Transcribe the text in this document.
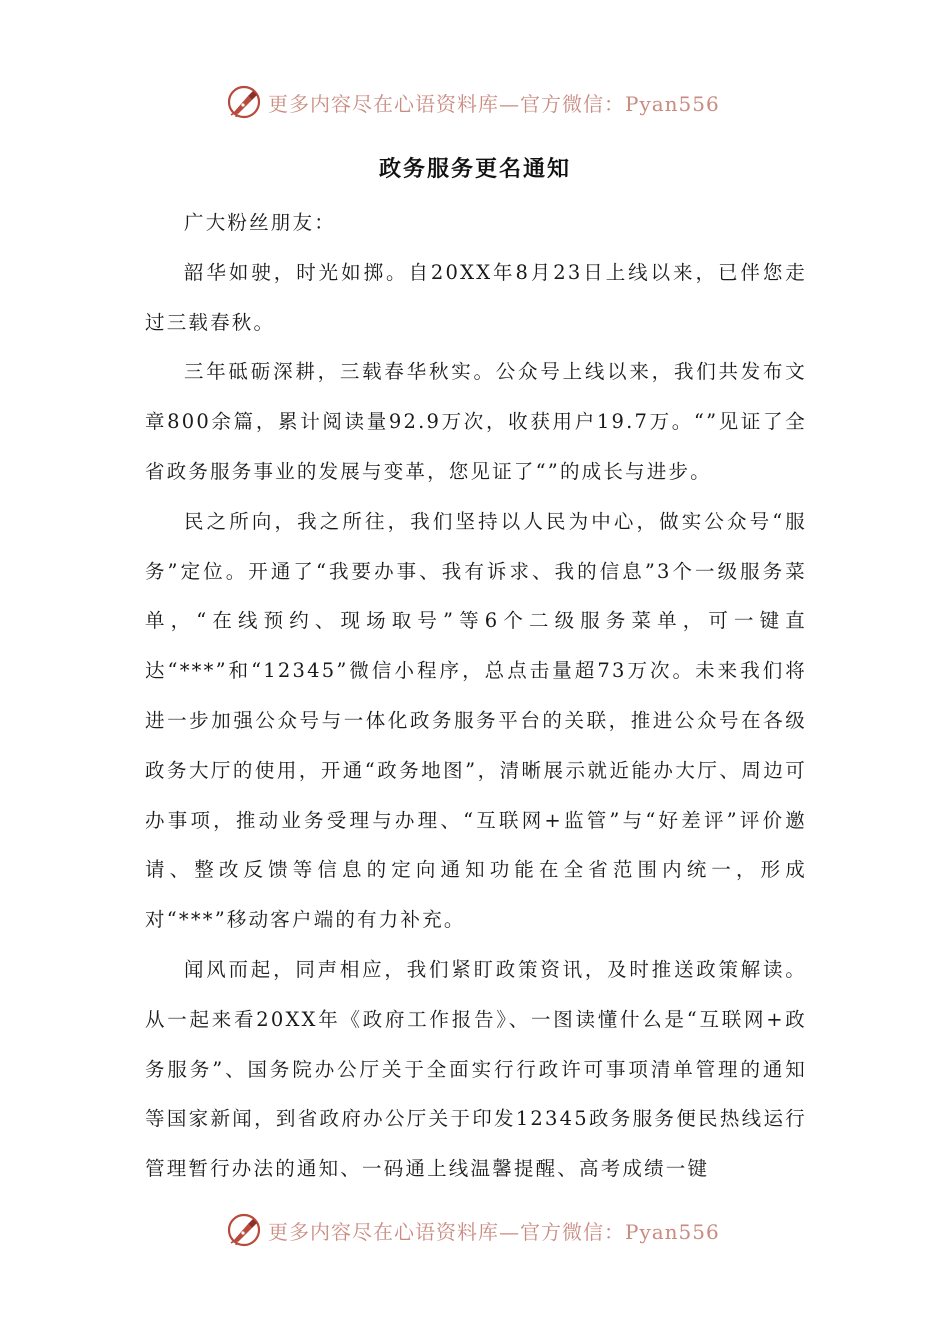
更多内容尽在心语资料库—官方微信：Pyan556
政务服务更名通知

广大粉丝朋友：

韶华如驶，时光如掷。自20XX年8月23日上线以来，已伴您走过三载春秋。

三年砥砺深耕，三载春华秋实。公众号上线以来，我们共发布文章800余篇，累计阅读量92.9万次，收获用户19.7万。“”见证了全省政务服务事业的发展与变革，您见证了“”的成长与进步。

民之所向，我之所往，我们坚持以人民为中心，做实公众号“服务”定位。开通了“我要办事、我有诉求、我的信息”3个一级服务菜单，“在线预约、现场取号”等6个二级服务菜单，可一键直达“***”和“12345”微信小程序，总点击量超73万次。未来我们将进一步加强公众号与一体化政务服务平台的关联，推进公众号在各级政务大厅的使用，开通“政务地图”，清晰展示就近能办大厅、周边可办事项，推动业务受理与办理、“互联网+监管”与“好差评”评价邀请、整改反馈等信息的定向通知功能在全省范围内统一，形成对“***”移动客户端的有力补充。

闻风而起，同声相应，我们紧盯政策资讯，及时推送政策解读。从一起来看20XX年《政府工作报告》、一图读懂什么是“互联网+政务服务”、国务院办公厅关于全面实行行政许可事项清单管理的通知等国家新闻，到省政府办公厅关于印发12345政务服务便民热线运行管理暂行办法的通知、一码通上线温馨提醒、高考成绩一键

更多内容尽在心语资料库—官方微信：Pyan556
